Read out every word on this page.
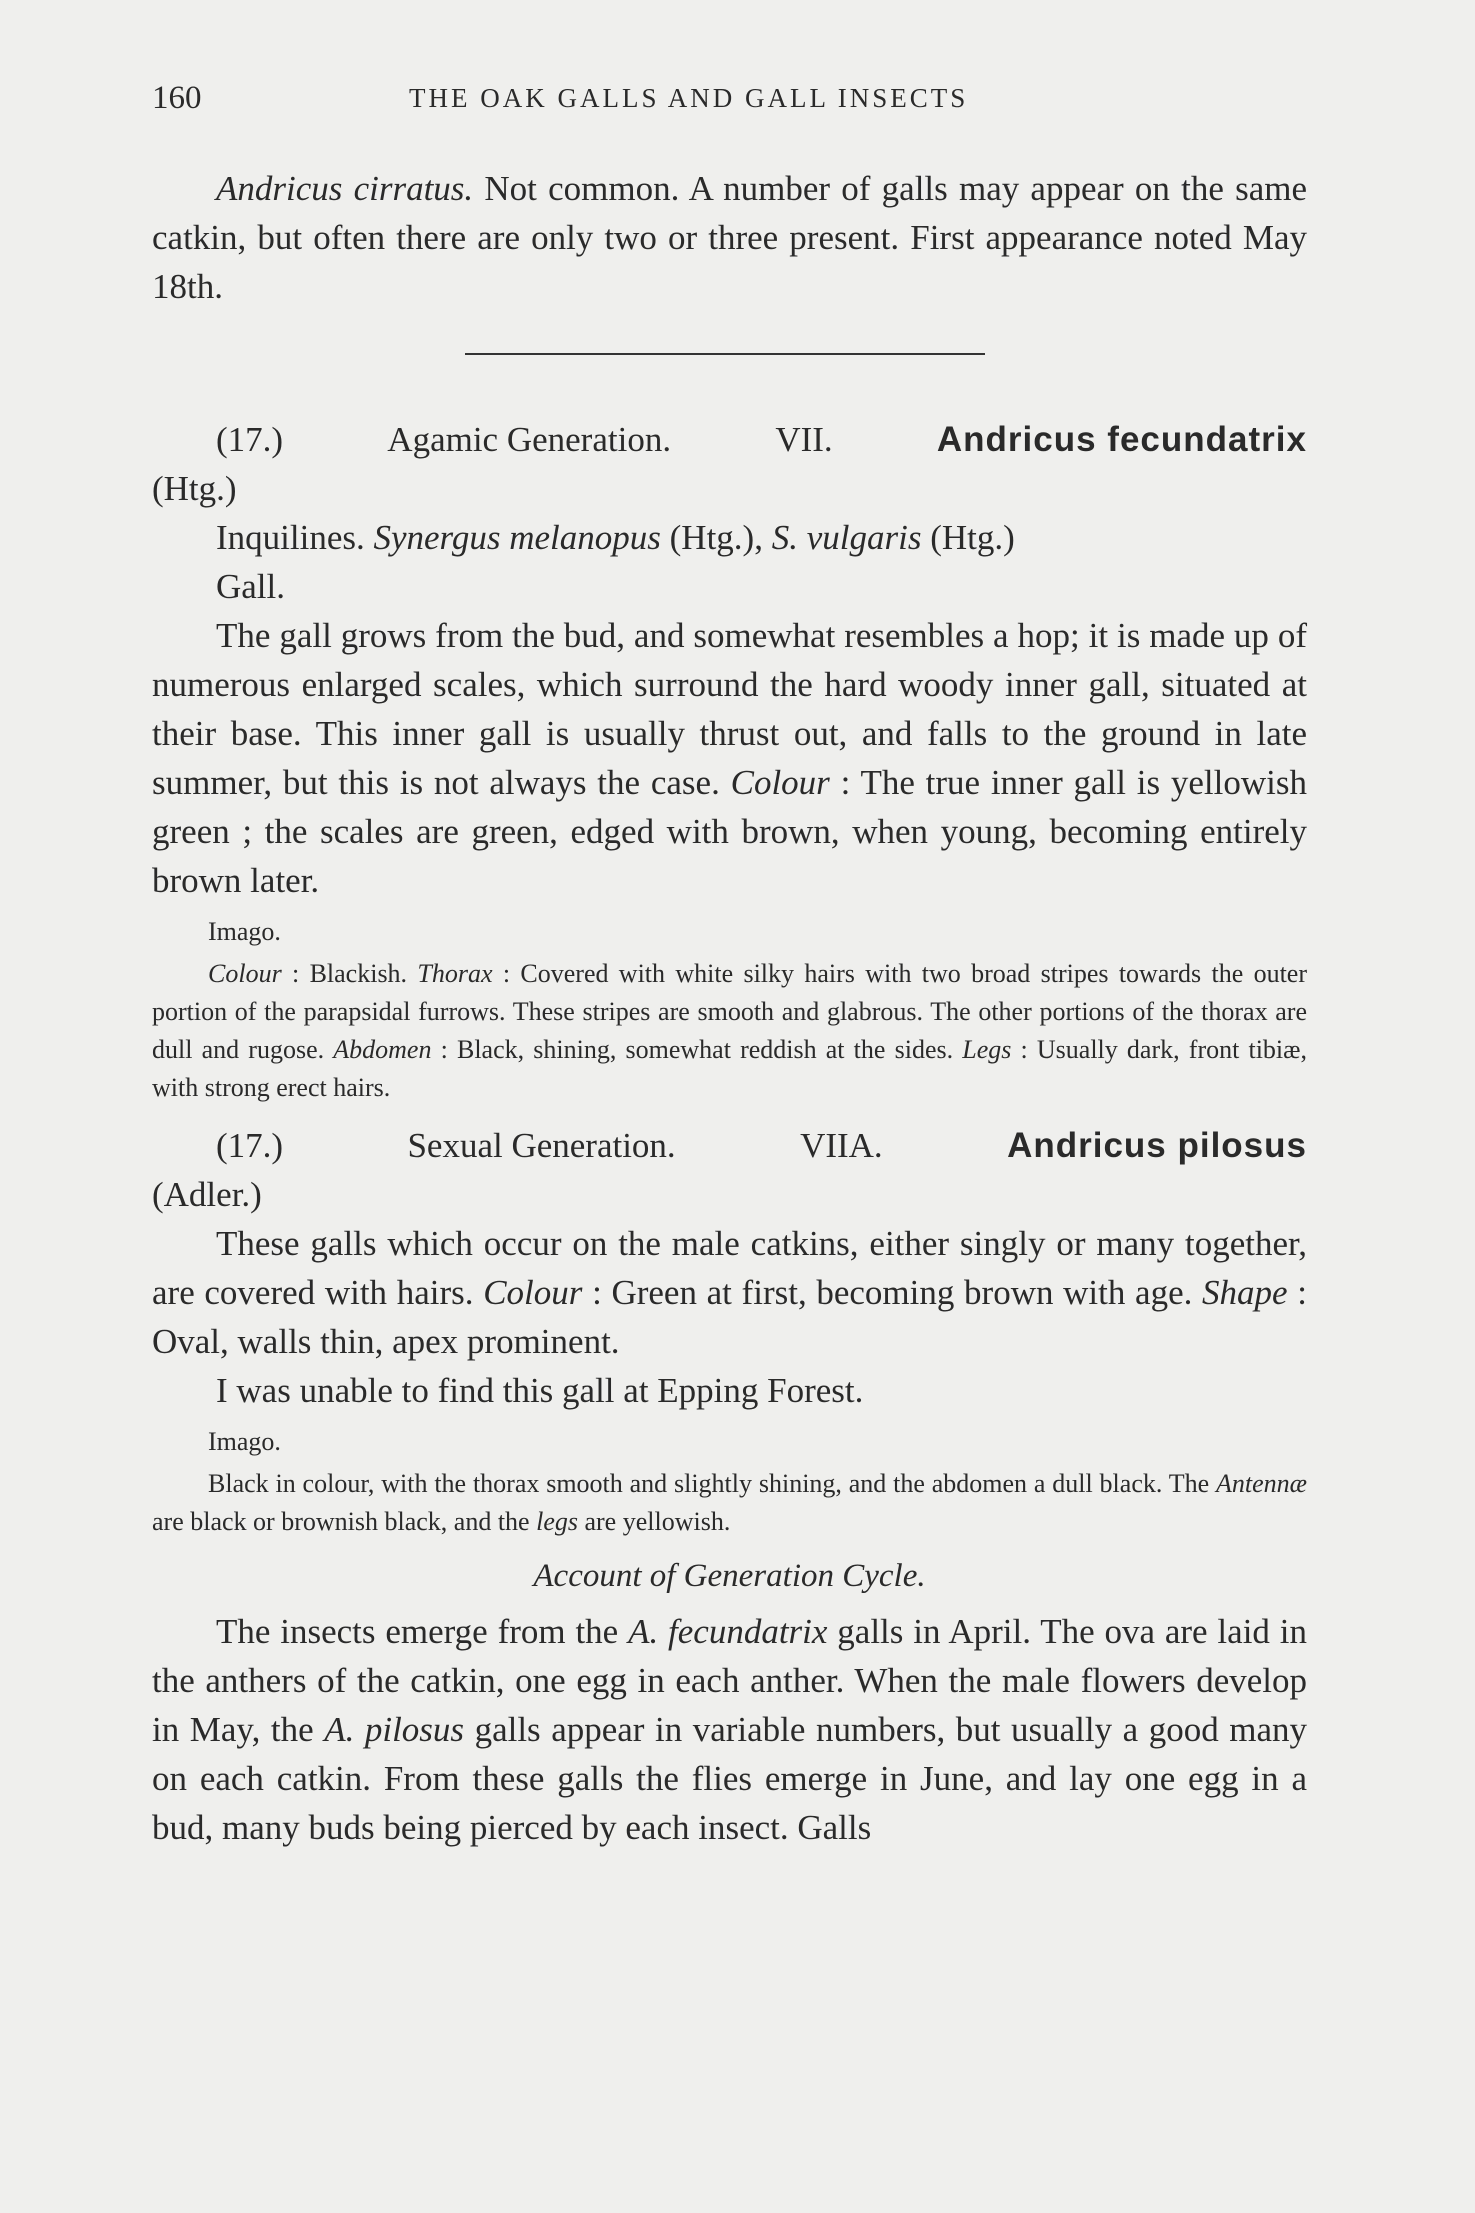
160	THE OAK GALLS AND GALL INSECTS

Andricus cirratus. Not common. A number of galls may appear on the same catkin, but often there are only two or three present. First appearance noted May 18th.

(17.)	Agamic Generation.	VII.	Andricus fecundatrix

(Htg.)

Inquilines. Synergus melanopus (Htg.), S. vulgaris (Htg.)

Gall.

The gall grows from the bud, and somewhat resembles a hop; it is made up of numerous enlarged scales, which surround the hard woody inner gall, situated at their base. This inner gall is usually thrust out, and falls to the ground in late summer, but this is not always the case. Colour : The true inner gall is yellowish green ; the scales are green, edged with brown, when young, becoming entirely brown later.

Imago.

Colour : Blackish. Thorax : Covered with white silky hairs with two broad stripes towards the outer portion of the parapsidal furrows. These stripes are smooth and glabrous. The other portions of the thorax are dull and rugose. Abdomen : Black, shining, somewhat reddish at the sides. Legs : Usually dark, front tibiæ, with strong erect hairs.

(17.)	Sexual Generation.	VIIA.	Andricus pilosus

(Adler.)

These galls which occur on the male catkins, either singly or many together, are covered with hairs. Colour : Green at first, becoming brown with age. Shape : Oval, walls thin, apex prominent.

I was unable to find this gall at Epping Forest.

Imago.

Black in colour, with the thorax smooth and slightly shining, and the abdomen a dull black. The Antennæ are black or brownish black, and the legs are yellowish.

Account of Generation Cycle.

The insects emerge from the A. fecundatrix galls in April. The ova are laid in the anthers of the catkin, one egg in each anther. When the male flowers develop in May, the A. pilosus galls appear in variable numbers, but usually a good many on each catkin. From these galls the flies emerge in June, and lay one egg in a bud, many buds being pierced by each insect. Galls
